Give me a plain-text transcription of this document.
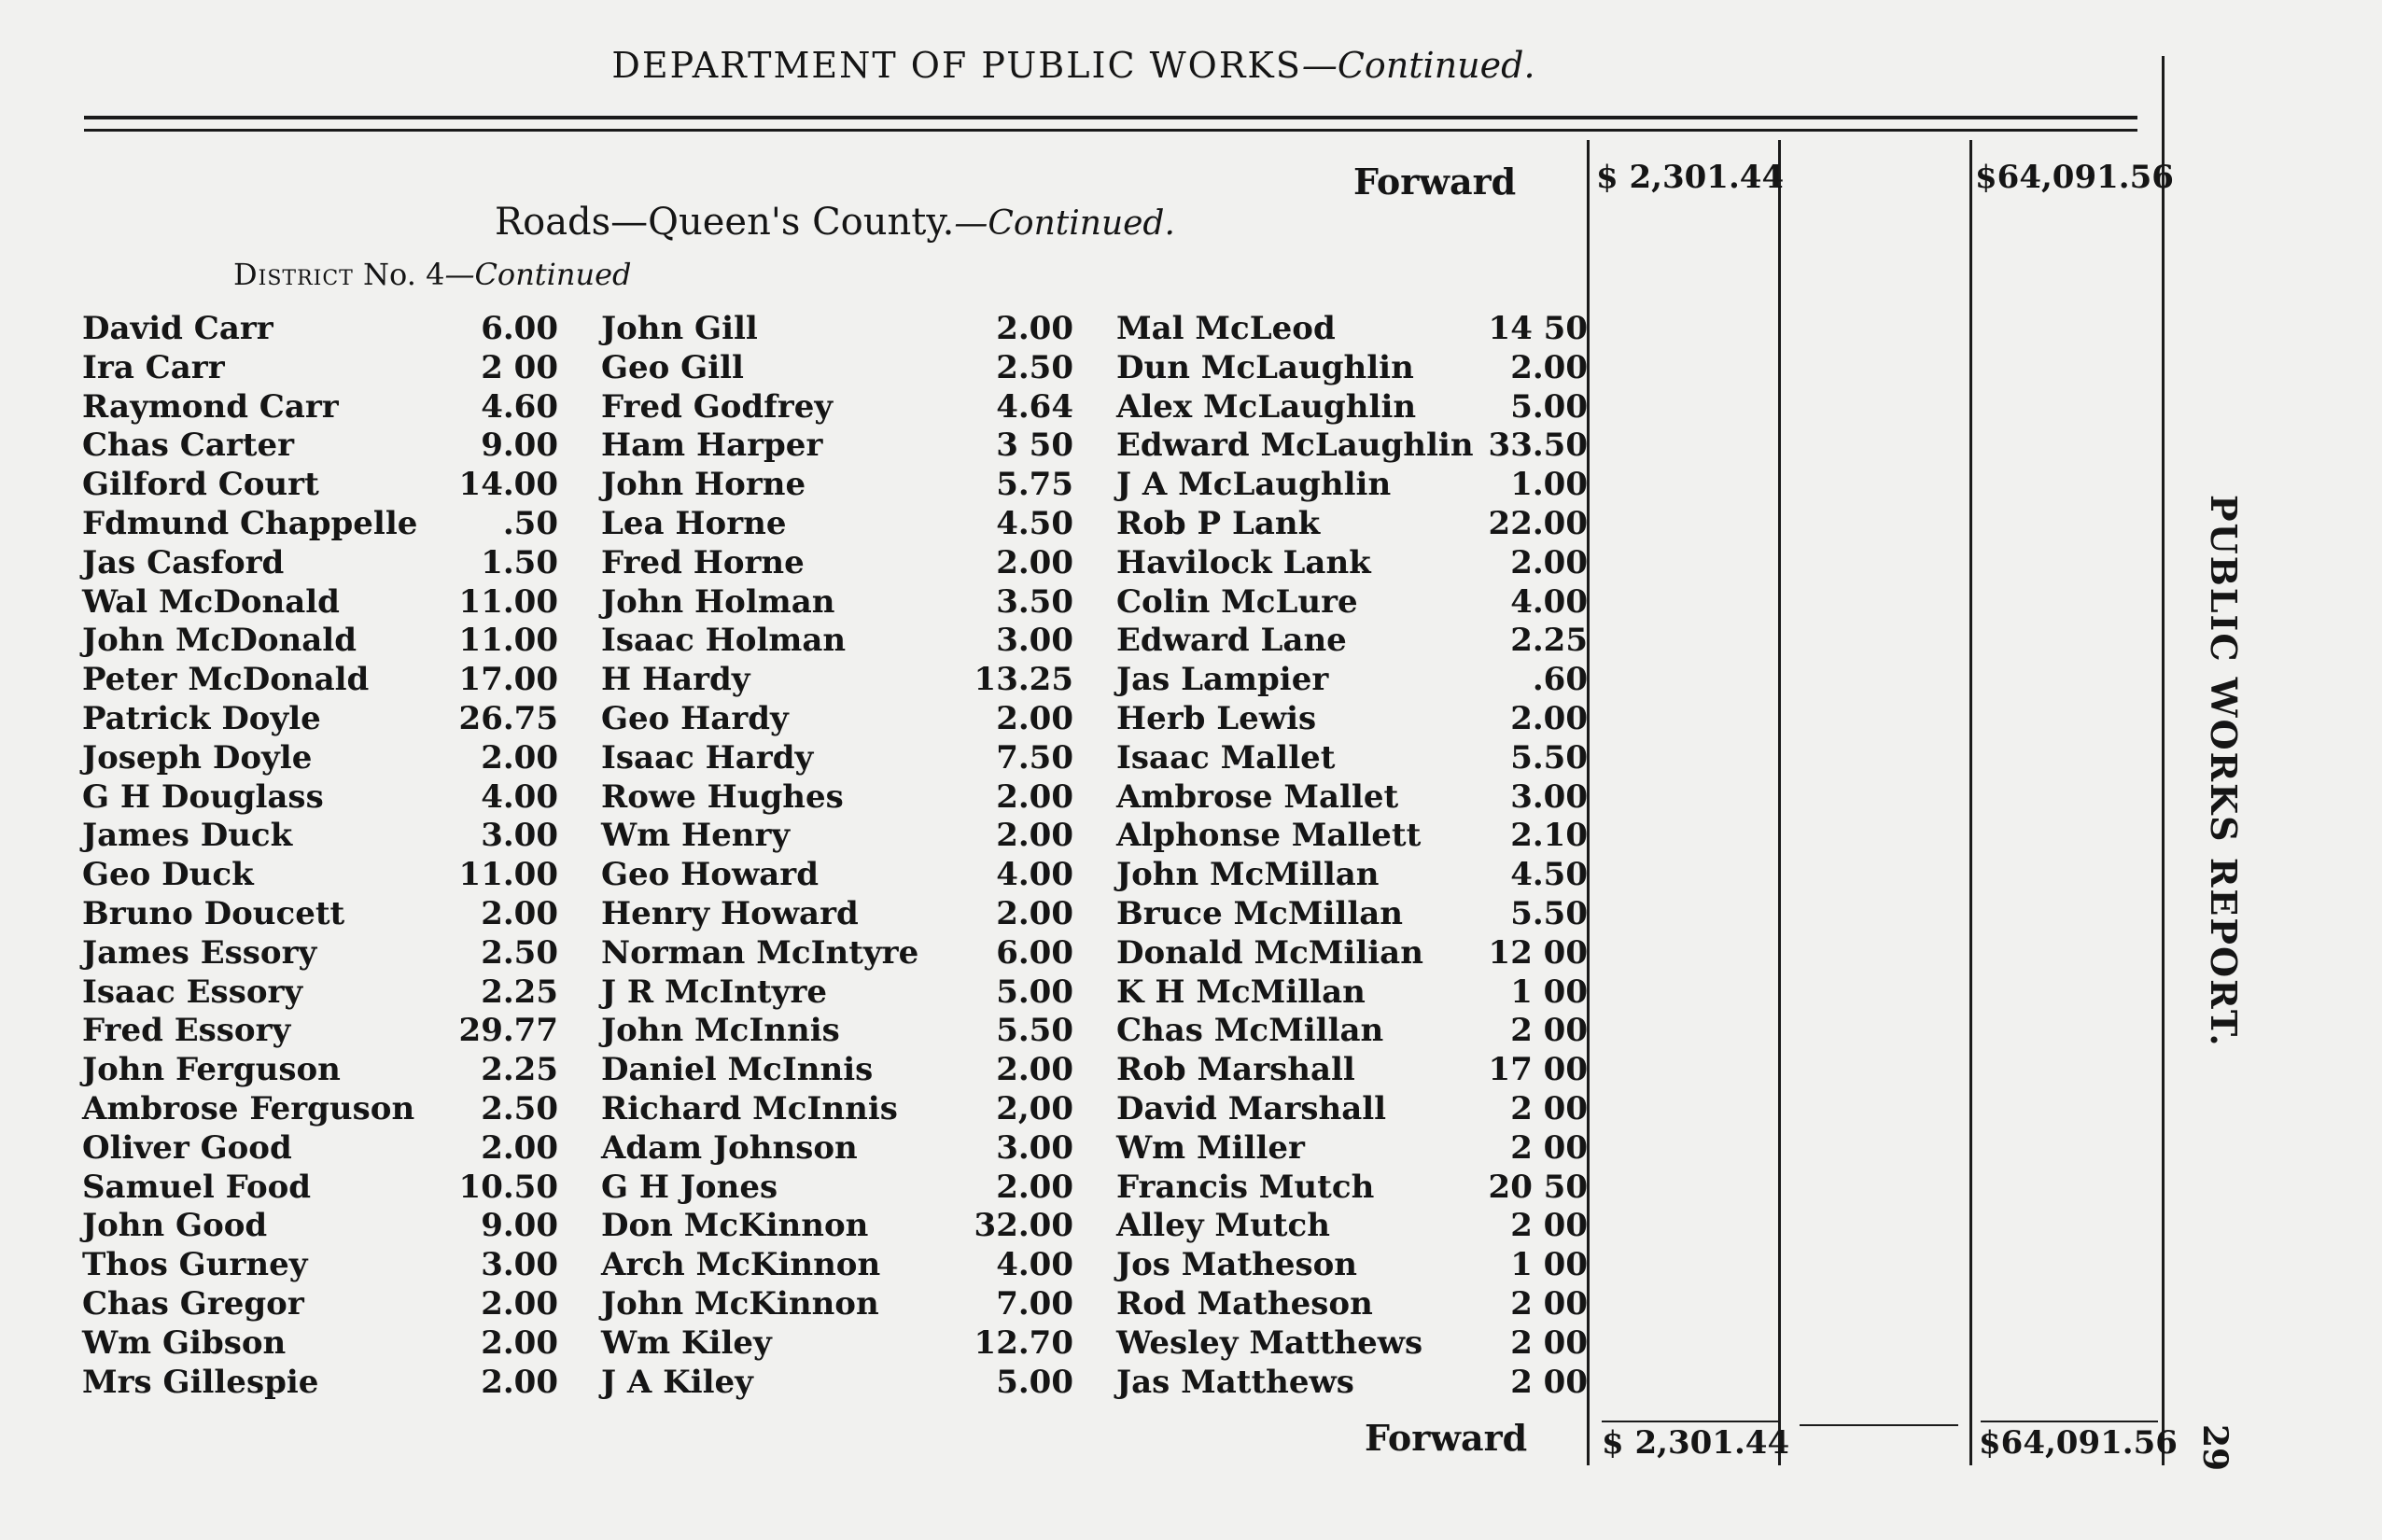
DEPARTMENT OF PUBLIC WORKS—Continued.
Forward	$ 2,301.44	$64,091.56
Roads—Queen's County.—Continued.
District No. 4—Continued
David Carr	6.00
Ira Carr	2 00
Raymond Carr	4.60
Chas Carter	9.00
Gilford Court	14.00
Fdmund Chappelle	.50
Jas Casford	1.50
Wal McDonald	11.00
John McDonald	11.00
Peter McDonald	17.00
Patrick Doyle	26.75
Joseph Doyle	2.00
G H Douglass	4.00
James Duck	3.00
Geo Duck	11.00
Bruno Doucett	2.00
James Essory	2.50
Isaac Essory	2.25
Fred Essory	29.77
John Ferguson	2.25
Ambrose Ferguson 2.50
Oliver Good	2.00
Samuel Food	10.50
John Good	9.00
Thos Gurney	3.00
Chas Gregor	2.00
Wm Gibson	2.00
Mrs Gillespie	2.00
John Gill	2.00
Geo Gill	2.50
Fred Godfrey	4.64
Ham Harper	3 50
John Horne	5.75
Lea Horne	4.50
Fred Horne	2.00
John Holman	3.50
Isaac Holman	3.00
H Hardy	13.25
Geo Hardy	2.00
Isaac Hardy	7.50
Rowe Hughes	2.00
Wm Henry	2.00
Geo Howard	4.00
Henry Howard	2.00
Norman McIntyre 6.00
J R McIntyre	5.00
John McInnis	5.50
Daniel McInnis	2.00
Richard McInnis	2,00
Adam Johnson	3.00
G H Jones	2.00
Don McKinnon	32.00
Arch McKinnon	4.00
John McKinnon	7.00
Wm Kiley	12.70
J A Kiley	5.00
Mal McLeod	14 50
Dun McLaughlin	2.00
Alex McLaughlin	5.00
Edward McLaughlin 33.50
J A McLaughlin	1.00
Rob P Lank	22.00
Havilock Lank	2.00
Colin McLure	4.00
Edward Lane	2.25
Jas Lampier	.60
Herb Lewis	2.00
Isaac Mallet	5.50
Ambrose Mallet	3.00
Alphonse Mallett	2.10
John McMillan	4.50
Bruce McMillan	5.50
Donald McMilian 12 00
K H McMillan	1 00
Chas McMillan	2 00
Rob Marshall	17 00
David Marshall	2 00
Wm Miller	2 00
Francis Mutch	20 50
Alley Mutch	2 00
Jos Matheson	1 00
Rod Matheson	2 00
Wesley Matthews	2 00
Jas Matthews	2 00
Forward $ 2,301.44	$64,091.56
PUBLIC WORKS REPORT.
29
